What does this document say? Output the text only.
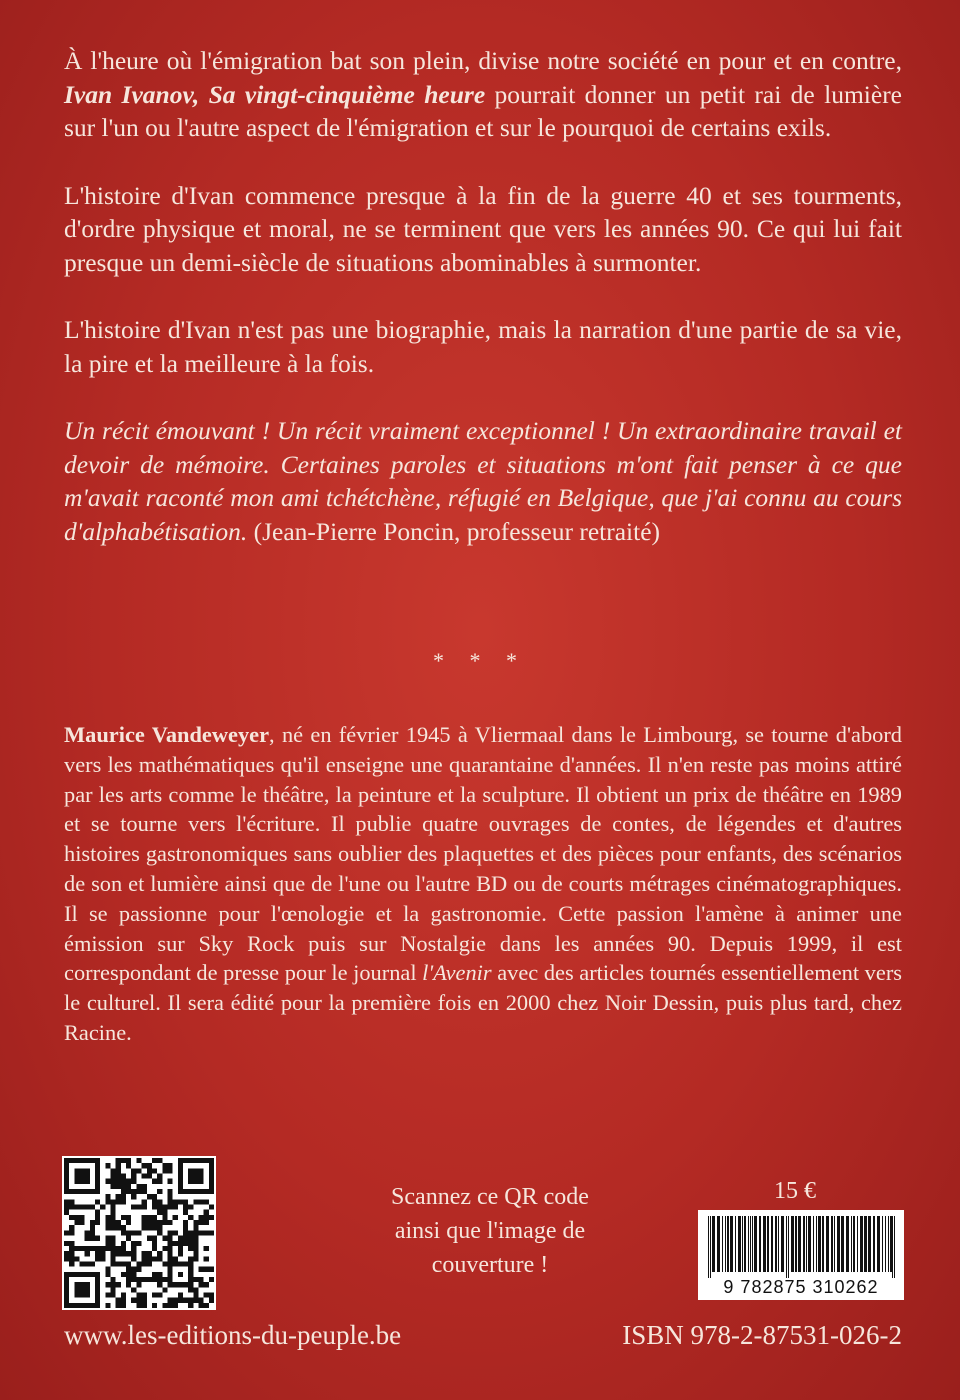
À l'heure où l'émigration bat son plein, divise notre société en pour et en contre, Ivan Ivanov, Sa vingt-cinquième heure pourrait donner un petit rai de lumière sur l'un ou l'autre aspect de l'émigration et sur le pourquoi de certains exils.

L'histoire d'Ivan commence presque à la fin de la guerre 40 et ses tourments, d'ordre physique et moral, ne se terminent que vers les années 90. Ce qui lui fait presque un demi-siècle de situations abominables à surmonter.

L'histoire d'Ivan n'est pas une biographie, mais la narration d'une partie de sa vie, la pire et la meilleure à la fois.

Un récit émouvant ! Un récit vraiment exceptionnel ! Un extraordinaire travail et devoir de mémoire. Certaines paroles et situations m'ont fait penser à ce que m'avait raconté mon ami tchétchène, réfugié en Belgique, que j'ai connu au cours d'alphabétisation. (Jean-Pierre Poncin, professeur retraité)

* * *
Maurice Vandeweyer, né en février 1945 à Vliermaal dans le Limbourg, se tourne d'abord vers les mathématiques qu'il enseigne une quarantaine d'années. Il n'en reste pas moins attiré par les arts comme le théâtre, la peinture et la sculpture. Il obtient un prix de théâtre en 1989 et se tourne vers l'écriture. Il publie quatre ouvrages de contes, de légendes et d'autres histoires gastronomiques sans oublier des plaquettes et des pièces pour enfants, des scénarios de son et lumière ainsi que de l'une ou l'autre BD ou de courts métrages cinématographiques. Il se passionne pour l'œnologie et la gastronomie. Cette passion l'amène à animer une émission sur Sky Rock puis sur Nostalgie dans les années 90. Depuis 1999, il est correspondant de presse pour le journal l'Avenir avec des articles tournés essentiellement vers le culturel. Il sera édité pour la première fois en 2000 chez Noir Dessin, puis plus tard, chez Racine.
Scannez ce QR code
ainsi que l'image de
couverture !
15 €
9 782875 310262
www.les-editions-du-peuple.be	ISBN 978-2-87531-026-2
